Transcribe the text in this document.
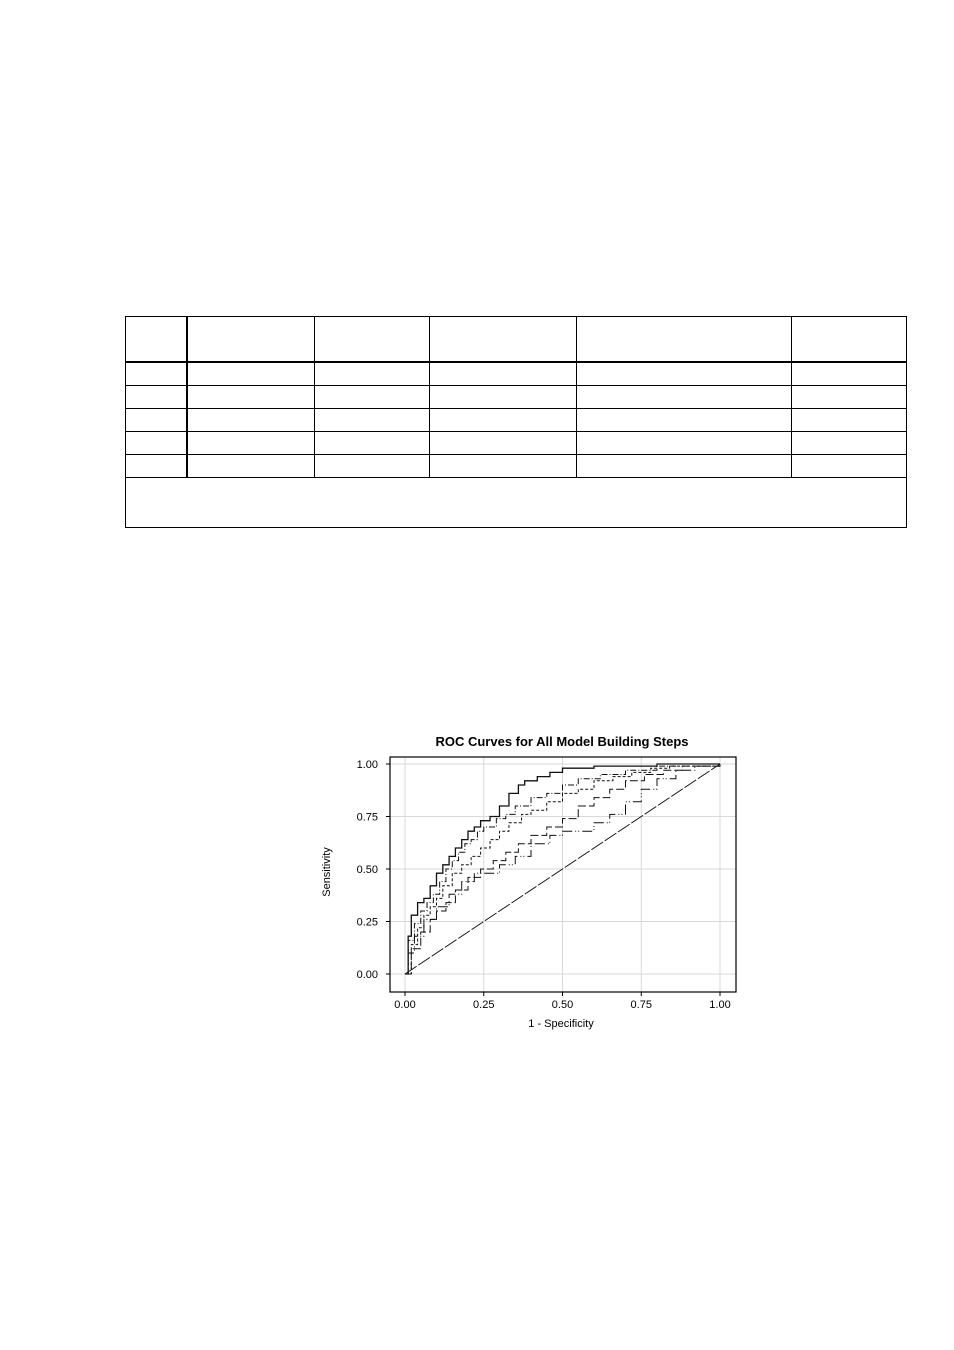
ROC Curves for All Model Building Steps
Sensitivity
1 - Specificity
0.00	0.25	0.50	0.75	1.00
0.00
0.25
0.50
0.75
1.00
